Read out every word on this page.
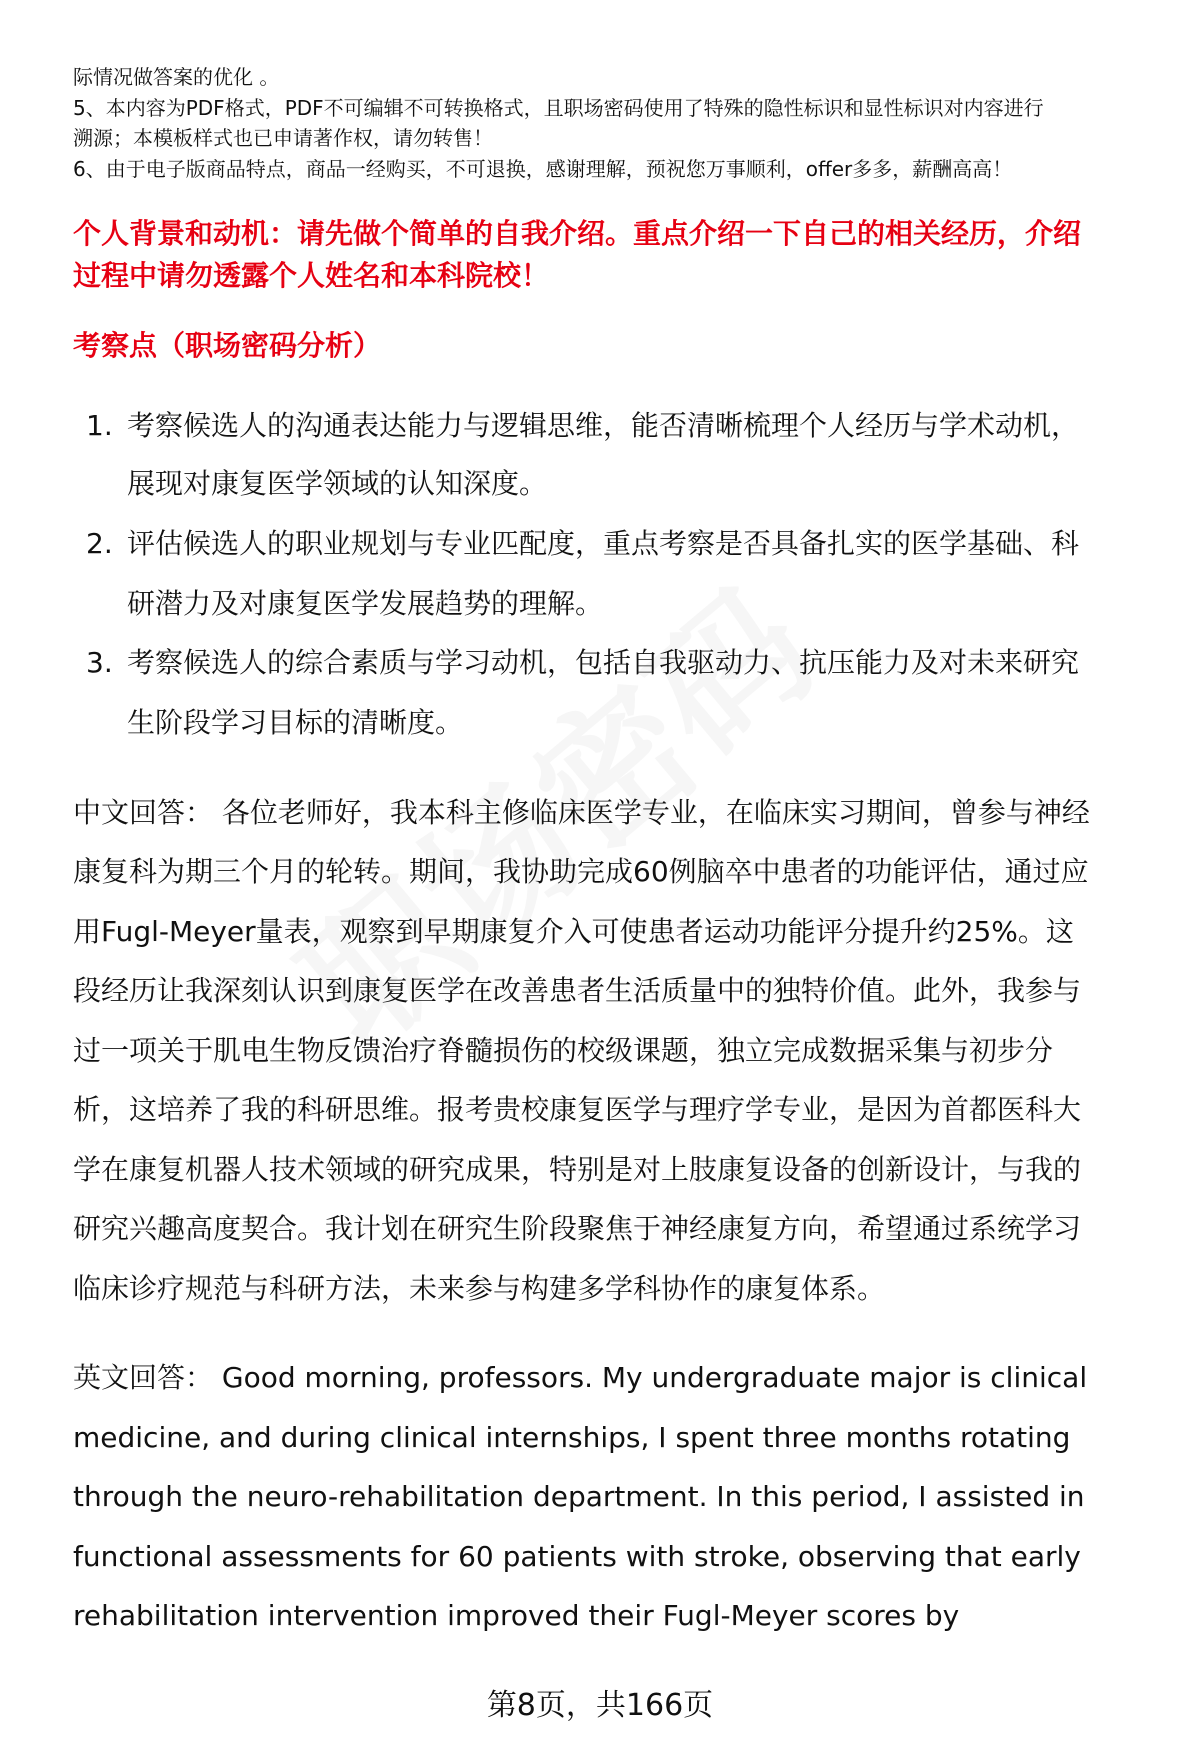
际情况做答案的优化 。
5、本内容为PDF格式，PDF不可编辑不可转换格式，且职场密码使用了特殊的隐性标识和显性标识对内容进行
溯源；本模板样式也已申请著作权，请勿转售！
6、由于电子版商品特点，商品一经购买，不可退换，感谢理解，预祝您万事顺利，offer多多，薪酬高高！
个人背景和动机：请先做个简单的自我介绍。重点介绍一下自己的相关经历，介绍
过程中请勿透露个人姓名和本科院校！
考察点（职场密码分析）
1. 考察候选人的沟通表达能力与逻辑思维，能否清晰梳理个人经历与学术动机，
展现对康复医学领域的认知深度。
2. 评估候选人的职业规划与专业匹配度，重点考察是否具备扎实的医学基础、科
研潜力及对康复医学发展趋势的理解。
3. 考察候选人的综合素质与学习动机，包括自我驱动力、抗压能力及对未来研究
生阶段学习目标的清晰度。
中文回答： 各位老师好，我本科主修临床医学专业，在临床实习期间，曾参与神经
康复科为期三个月的轮转。期间，我协助完成60例脑卒中患者的功能评估，通过应
用Fugl-Meyer量表，观察到早期康复介入可使患者运动功能评分提升约25%。这
段经历让我深刻认识到康复医学在改善患者生活质量中的独特价值。此外，我参与
过一项关于肌电生物反馈治疗脊髓损伤的校级课题，独立完成数据采集与初步分
析，这培养了我的科研思维。报考贵校康复医学与理疗学专业，是因为首都医科大
学在康复机器人技术领域的研究成果，特别是对上肢康复设备的创新设计，与我的
研究兴趣高度契合。我计划在研究生阶段聚焦于神经康复方向，希望通过系统学习
临床诊疗规范与科研方法，未来参与构建多学科协作的康复体系。
英文回答： Good morning, professors. My undergraduate major is clinical
medicine, and during clinical internships, I spent three months rotating
through the neuro-rehabilitation department. In this period, I assisted in
functional assessments for 60 patients with stroke, observing that early
rehabilitation intervention improved their Fugl-Meyer scores by
第8页，共166页
